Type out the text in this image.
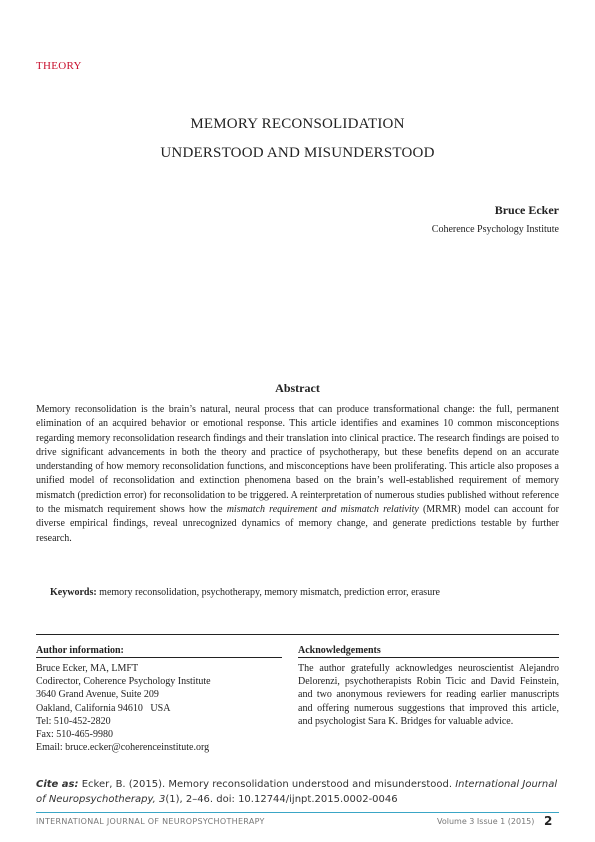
THEORY
MEMORY RECONSOLIDATION
UNDERSTOOD AND MISUNDERSTOOD
Bruce Ecker
Coherence Psychology Institute
Abstract

Memory reconsolidation is the brain’s natural, neural process that can produce transformational change: the full, permanent elimination of an acquired behavior or emotional response. This article identifies and examines 10 common misconceptions regarding memory reconsolidation research findings and their translation into clinical practice. The research findings are poised to drive significant advancements in both the theory and practice of psychotherapy, but these benefits depend on an accurate understanding of how memory reconsolidation functions, and misconceptions have been proliferating. This article also proposes a unified model of reconsolidation and extinction phenomena based on the brain’s well-established requirement of memory mismatch (prediction error) for reconsolidation to be triggered. A reinterpretation of numerous studies published without reference to the mismatch requirement shows how the mismatch requirement and mismatch relativity (MRMR) model can account for diverse empirical findings, reveal unrecognized dynamics of memory change, and generate predictions testable by further research.

Keywords: memory reconsolidation, psychotherapy, memory mismatch, prediction error, erasure
Author information:
Bruce Ecker, MA, LMFT
Codirector, Coherence Psychology Institute
3640 Grand Avenue, Suite 209
Oakland, California 94610   USA
Tel: 510-452-2820
Fax: 510-465-9980
Email: bruce.ecker@coherenceinstitute.org
Acknowledgements
The author gratefully acknowledges neuroscientist Alejandro Delorenzi, psychotherapists Robin Ticic and David Feinstein, and two anonymous reviewers for reading earlier manuscripts and offering numerous suggestions that improved this article, and psychologist Sara K. Bridges for valuable advice.
Cite as: Ecker, B. (2015). Memory reconsolidation understood and misunderstood. International Journal of Neuropsychotherapy, 3(1), 2–46. doi: 10.12744/ijnpt.2015.0002-0046
INTERNATIONAL JOURNAL OF NEUROPSYCHOTHERAPY	Volume 3 Issue 1 (2015) 2
